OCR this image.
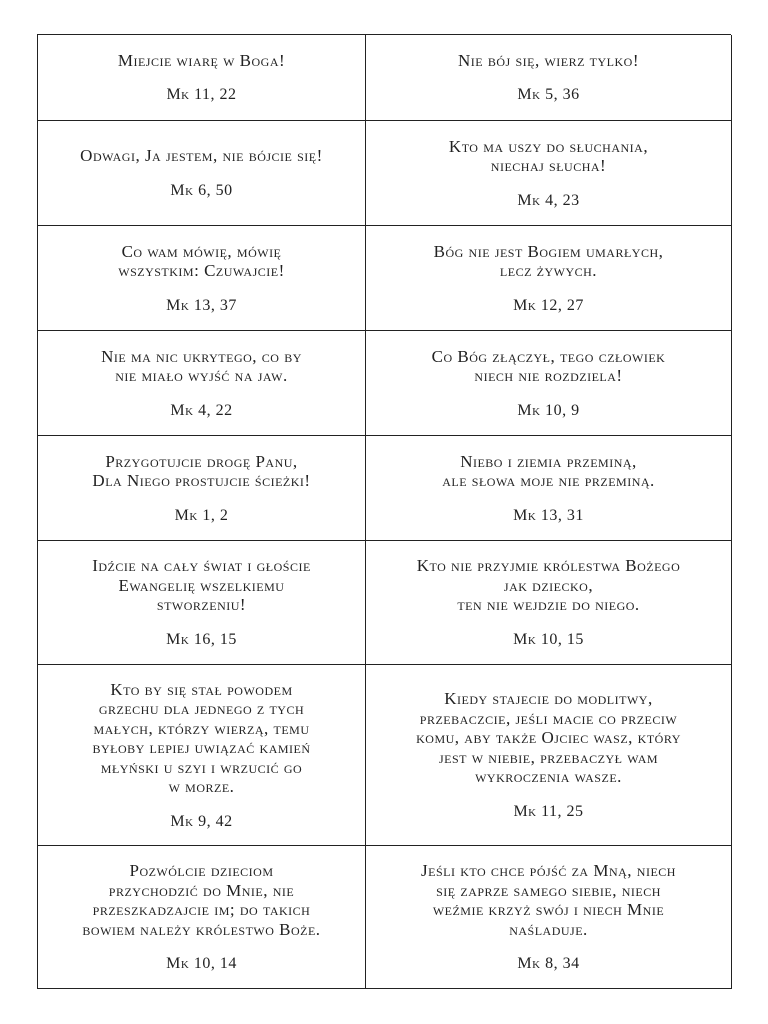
Miejcie wiarę w Boga!
Mk 11, 22
Nie bój się, wierz tylko!
Mk 5, 36
Odwagi, Ja jestem, nie bójcie się!
Mk 6, 50
Kto ma uszy do słuchania,
niechaj słucha!
Mk 4, 23
Co wam mówię, mówię
wszystkim: Czuwajcie!
Mk 13, 37
Bóg nie jest Bogiem umarłych,
lecz żywych.
Mk 12, 27
Nie ma nic ukrytego, co by
nie miało wyjść na jaw.
Mk 4, 22
Co Bóg złączył, tego człowiek
niech nie rozdziela!
Mk 10, 9
Przygotujcie drogę Panu,
Dla Niego prostujcie ścieżki!
Mk 1, 2
Niebo i ziemia przeminą,
ale słowa moje nie przeminą.
Mk 13, 31
Idźcie na cały świat i głoście
Ewangelię wszelkiemu
stworzeniu!
Mk 16, 15
Kto nie przyjmie królestwa Bożego
jak dziecko,
ten nie wejdzie do niego.
Mk 10, 15
Kto by się stał powodem
grzechu dla jednego z tych
małych, którzy wierzą, temu
byłoby lepiej uwiązać kamień
młyński u szyi i wrzucić go
w morze.
Mk 9, 42
Kiedy stajecie do modlitwy,
przebaczcie, jeśli macie co przeciw
komu, aby także Ojciec wasz, który
jest w niebie, przebaczył wam
wykroczenia wasze.
Mk 11, 25
Pozwólcie dzieciom
przychodzić do Mnie, nie
przeszkadzajcie im; do takich
bowiem należy królestwo Boże.
Mk 10, 14
Jeśli kto chce pójść za Mną, niech
się zaprze samego siebie, niech
weźmie krzyż swój i niech Mnie
naśladuje.
Mk 8, 34
